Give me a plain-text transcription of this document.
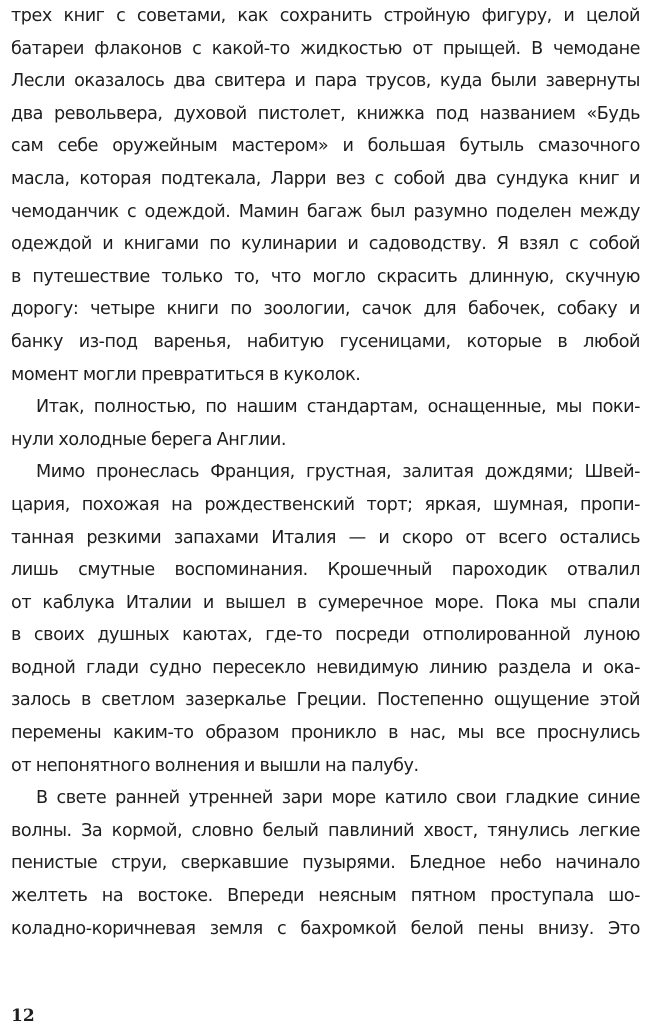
трех книг с советами, как сохранить стройную фигуру, и целой
батареи флаконов с какой-то жидкостью от прыщей. В чемодане
Лесли оказалось два свитера и пара трусов, куда были завернуты
два револьвера, духовой пистолет, книжка под названием «Будь
сам себе оружейным мастером» и большая бутыль смазочного
масла, которая подтекала, Ларри вез с собой два сундука книг и
чемоданчик с одеждой. Мамин багаж был разумно поделен между
одеждой и книгами по кулинарии и садоводству. Я взял с собой
в путешествие только то, что могло скрасить длинную, скучную
дорогу: четыре книги по зоологии, сачок для бабочек, собаку и
банку из-под варенья, набитую гусеницами, которые в любой
момент могли превратиться в куколок.

Итак, полностью, по нашим стандартам, оснащенные, мы поки-
нули холодные берега Англии.

Мимо пронеслась Франция, грустная, залитая дождями; Швей-
цария, похожая на рождественский торт; яркая, шумная, пропи-
танная резкими запахами Италия — и скоро от всего остались
лишь смутные воспоминания. Крошечный пароходик отвалил
от каблука Италии и вышел в сумеречное море. Пока мы спали
в своих душных каютах, где-то посреди отполированной луною
водной глади судно пересекло невидимую линию раздела и ока-
залось в светлом зазеркалье Греции. Постепенно ощущение этой
перемены каким-то образом проникло в нас, мы все проснулись
от непонятного волнения и вышли на палубу.

В свете ранней утренней зари море катило свои гладкие синие
волны. За кормой, словно белый павлиний хвост, тянулись легкие
пенистые струи, сверкавшие пузырями. Бледное небо начинало
желтеть на востоке. Впереди неясным пятном проступала шо-
коладно-коричневая земля с бахромкой белой пены внизу. Это

12
